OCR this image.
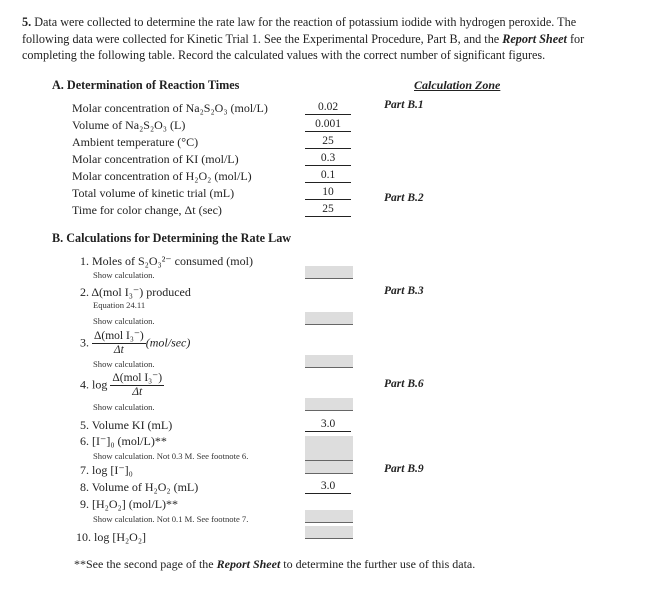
5. Data were collected to determine the rate law for the reaction of potassium iodide with hydrogen peroxide. The following data were collected for Kinetic Trial 1. See the Experimental Procedure, Part B, and the Report Sheet for completing the following table. Record the calculated values with the correct number of significant figures.
A. Determination of Reaction Times	Calculation Zone
Molar concentration of Na₂S₂O₃ (mol/L)	0.02	Part B.1
Volume of Na₂S₂O₃ (L)	0.001
Ambient temperature (°C)	25
Molar concentration of KI (mol/L)	0.3
Molar concentration of H₂O₂ (mol/L)	0.1
Total volume of kinetic trial (mL)	10	Part B.2
Time for color change, Δt (sec)	25
B. Calculations for Determining the Rate Law
1. Moles of S₂O₃²⁻ consumed (mol)
Show calculation.
2. Δ(mol I₃⁻) produced	Part B.3
Equation 24.11
Show calculation.
3. $\frac{\text{Δ(mol I₃⁻)}}{\Delta t} (mol/\sec)$
Show calculation.
4. $\log \frac{\text{Δ(mol I₃⁻)}}{\Delta t}$	Part B.6
Show calculation.
5. Volume KI (mL)	3.0
6. [I⁻]₀ (mol/L)**
Show calculation. Not 0.3 M. See footnote 6.
7. log [I⁻]₀	Part B.9
8. Volume of H₂O₂ (mL)	3.0
9. [H₂O₂] (mol/L)**
Show calculation. Not 0.1 M. See footnote 7.
10. log [H₂O₂]
**See the second page of the Report Sheet to determine the further use of this data.
